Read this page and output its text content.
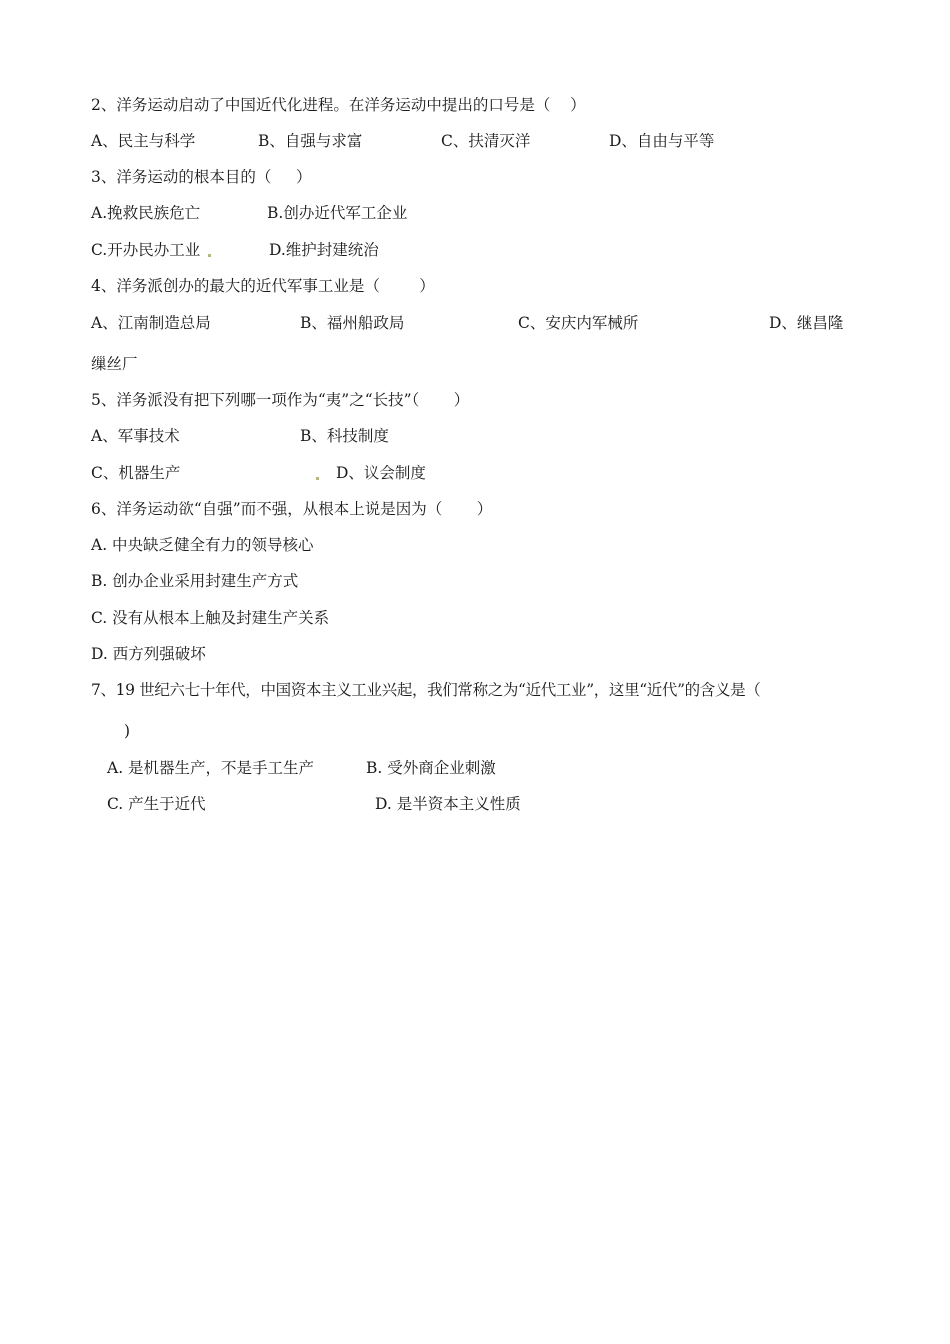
2、洋务运动启动了中国近代化进程。在洋务运动中提出的口号是（    ）

A、民主与科学

	B、自强与求富

	C、扶清灭洋

	D、自由与平等

3、洋务运动的根本目的（     ）

A.挽救民族危亡

	B.创办近代军工企业

C.开办民办工业

	D.维护封建统治

4、洋务派创办的最大的近代军事工业是（        ）

A、江南制造总局

	B、福州船政局

	C、安庆内军械所

	D、继昌隆

缫丝厂
5、洋务派没有把下列哪一项作为“夷”之“长技”（       ）

A、军事技术

	B、科技制度

C、机器生产

	D、议会制度

6、洋务运动欲“自强”而不强，从根本上说是因为（       ）
A. 中央缺乏健全有力的领导核心
B. 创办企业采用封建生产方式
C. 没有从根本上触及封建生产关系
D. 西方列强破坏
7、19 世纪六七十年代，中国资本主义工业兴起，我们常称之为“近代工业”，这里“近代”的含义是（
)

A. 是机器生产，不是手工生产

	B. 受外商企业刺激

C. 产生于近代

	D. 是半资本主义性质
